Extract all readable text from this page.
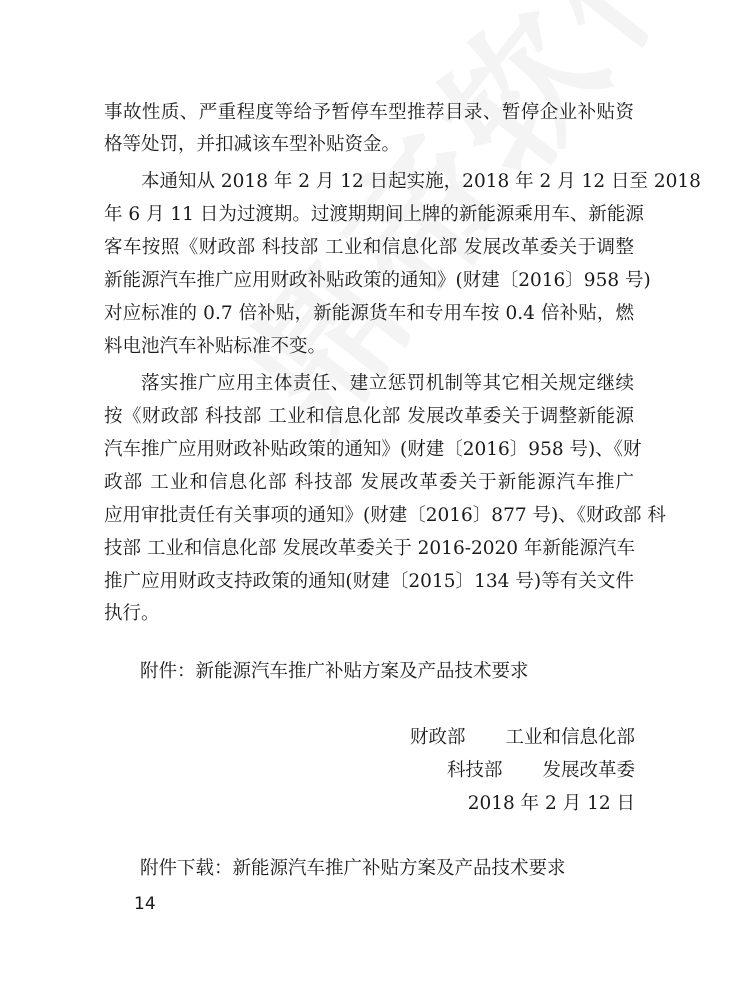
事故性质、严重程度等给予暂停车型推荐目录、暂停企业补贴资
格等处罚，并扣减该车型补贴资金。
本通知从 2018 年 2 月 12 日起实施，2018 年 2 月 12 日至 2018
年 6 月 11 日为过渡期。过渡期期间上牌的新能源乘用车、新能源
客车按照《财政部 科技部 工业和信息化部 发展改革委关于调整
新能源汽车推广应用财政补贴政策的通知》(财建〔2016〕958 号)
对应标准的 0.7 倍补贴，新能源货车和专用车按 0.4 倍补贴，燃
料电池汽车补贴标准不变。
落实推广应用主体责任、建立惩罚机制等其它相关规定继续
按《财政部 科技部 工业和信息化部 发展改革委关于调整新能源
汽车推广应用财政补贴政策的通知》(财建〔2016〕958 号)、《财
政部 工业和信息化部 科技部 发展改革委关于新能源汽车推广
应用审批责任有关事项的通知》(财建〔2016〕877 号)、《财政部 科
技部 工业和信息化部 发展改革委关于 2016-2020 年新能源汽车
推广应用财政支持政策的通知(财建〔2015〕134 号)等有关文件
执行。
附件：新能源汽车推广补贴方案及产品技术要求
财政部 工业和信息化部
科技部 发展改革委
2018 年 2 月 12 日
附件下载：新能源汽车推广补贴方案及产品技术要求
14
